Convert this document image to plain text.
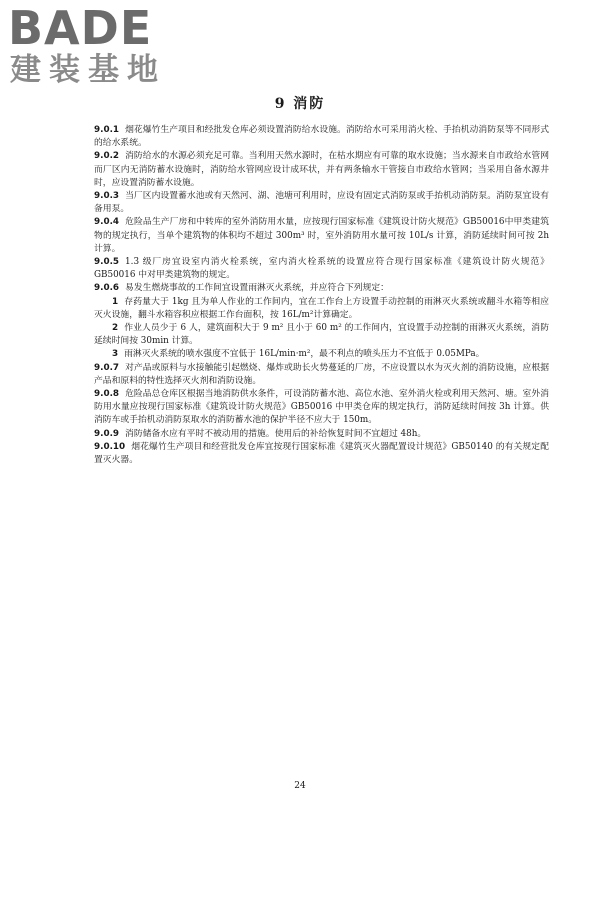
BADE
建装基地
9 消防

9.0.1 烟花爆竹生产项目和经批发仓库必须设置消防给水设施。消防给水可采用消火栓、手抬机动消防泵等不同形式的给水系统。

9.0.2 消防给水的水源必须充足可靠。当利用天然水源时，在枯水期应有可靠的取水设施；当水源来自市政给水管网而厂区内无消防蓄水设施时，消防给水管网应设计成环状，并有两条输水干管接自市政给水管网；当采用自备水源井时，应设置消防蓄水设施。

9.0.3 当厂区内设置蓄水池或有天然河、湖、池塘可利用时，应设有固定式消防泵或手抬机动消防泵。消防泵宜设有备用泵。

9.0.4 危险品生产厂房和中转库的室外消防用水量，应按现行国家标准《建筑设计防火规范》GB50016中甲类建筑物的规定执行，当单个建筑物的体积均不超过 300m³ 时，室外消防用水量可按 10L/s 计算，消防延续时间可按 2h 计算。

9.0.5 1.3 级厂房宜设室内消火栓系统，室内消火栓系统的设置应符合现行国家标准《建筑设计防火规范》GB50016 中对甲类建筑物的规定。

9.0.6 易发生燃烧事故的工作间宜设置雨淋灭火系统，并应符合下列规定：

1 存药量大于 1kg 且为单人作业的工作间内，宜在工作台上方设置手动控制的雨淋灭火系统或翻斗水箱等相应灭火设施，翻斗水箱容积应根据工作台面积，按 16L/m²计算确定。

2 作业人员少于 6 人，建筑面积大于 9 m² 且小于 60 m² 的工作间内，宜设置手动控制的雨淋灭火系统，消防延续时间按 30min 计算。

3 雨淋灭火系统的喷水强度不宜低于 16L/min·m²，最不利点的喷头压力不宜低于 0.05MPa。

9.0.7 对产品或原料与水接触能引起燃烧、爆炸或助长火势蔓延的厂房，不应设置以水为灭火剂的消防设施，应根据产品和原料的特性选择灭火剂和消防设施。

9.0.8 危险品总仓库区根据当地消防供水条件，可设消防蓄水池、高位水池、室外消火栓或利用天然河、塘。室外消防用水量应按现行国家标准《建筑设计防火规范》GB50016 中甲类仓库的规定执行，消防延续时间按 3h 计算。供消防车或手抬机动消防泵取水的消防蓄水池的保护半径不应大于 150m。

9.0.9 消防储备水应有平时不被动用的措施。使用后的补给恢复时间不宜超过 48h。

9.0.10 烟花爆竹生产项目和经营批发仓库宜按现行国家标准《建筑灭火器配置设计规范》GB50140 的有关规定配置灭火器。

24
